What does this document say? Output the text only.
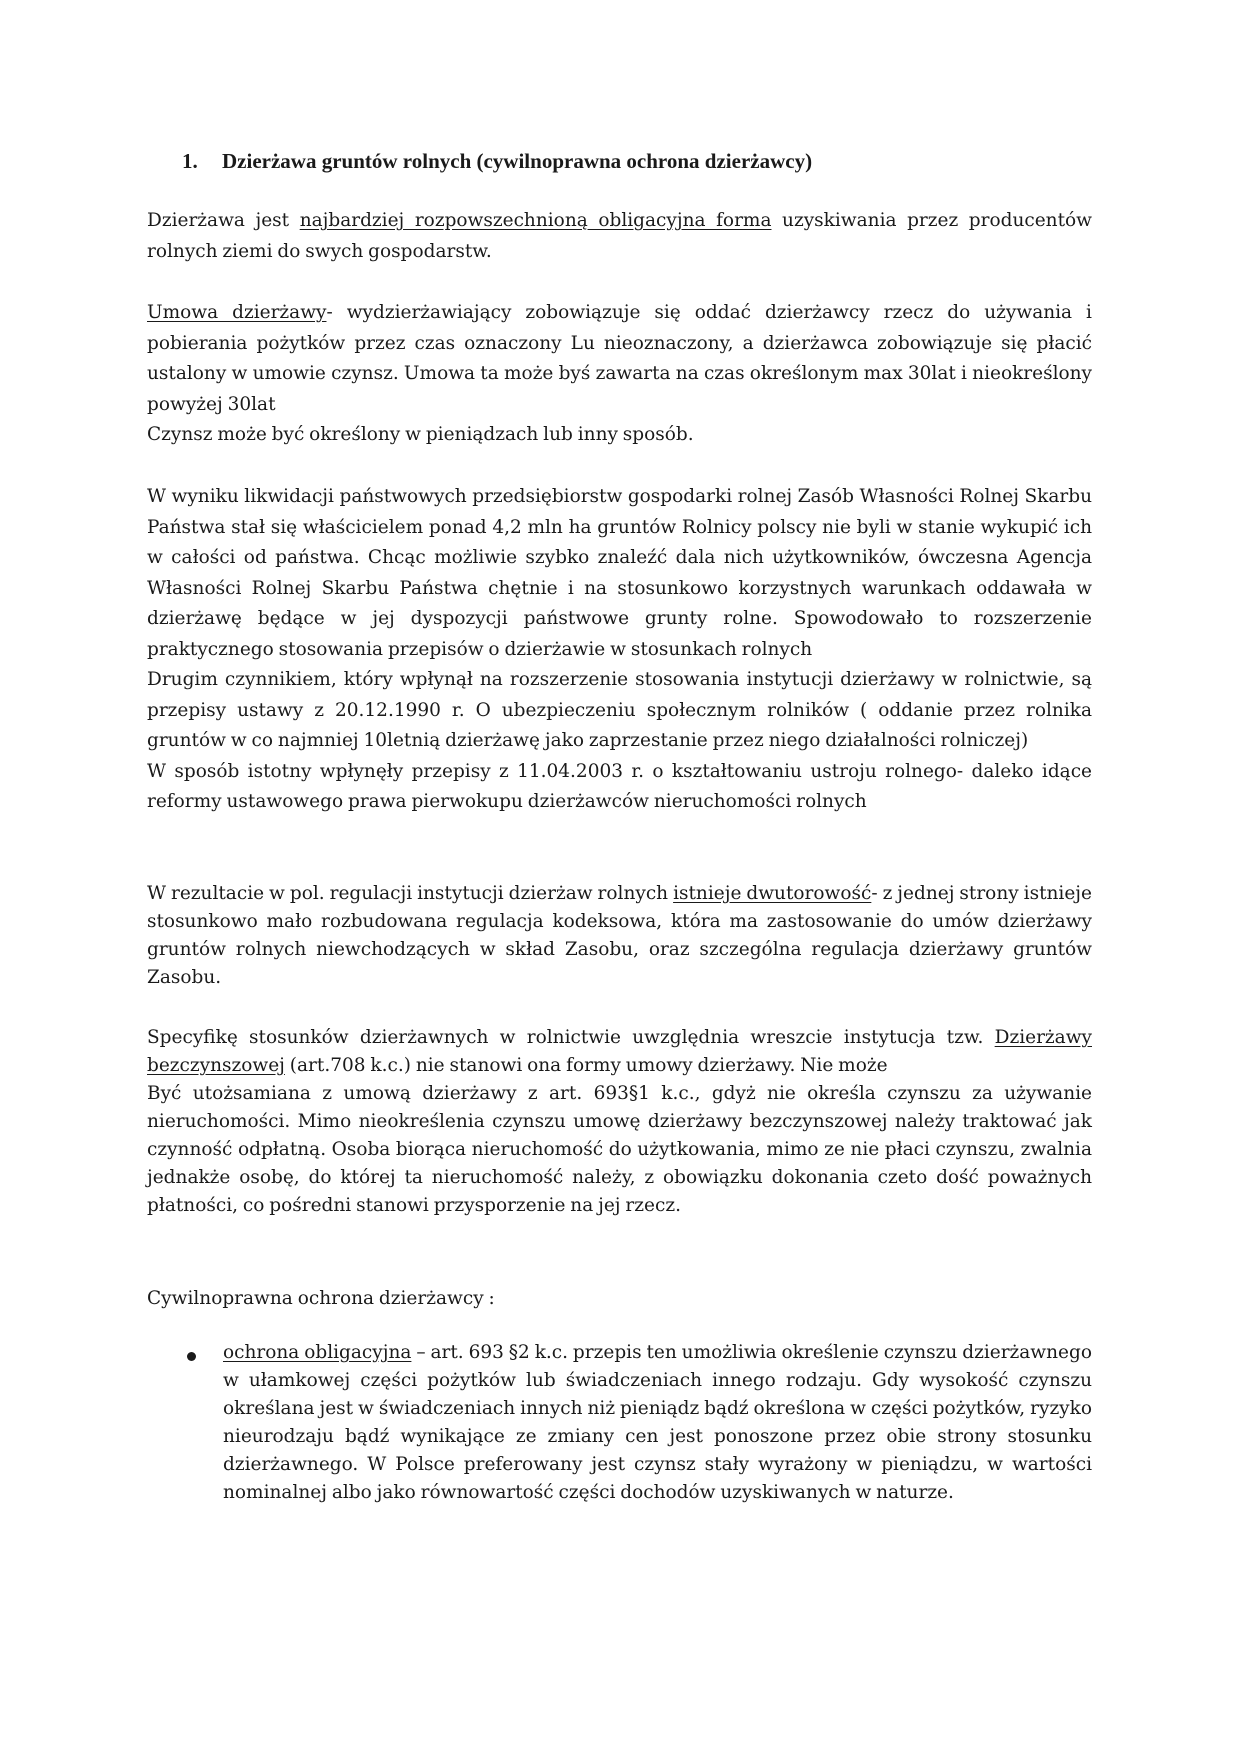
1. Dzierżawa gruntów rolnych (cywilnoprawna ochrona dzierżawcy)

Dzierżawa jest najbardziej rozpowszechnioną obligacyjna forma uzyskiwania przez producentów rolnych ziemi do swych gospodarstw.

Umowa dzierżawy- wydzierżawiający zobowiązuje się oddać dzierżawcy rzecz do używania i pobierania pożytków przez czas oznaczony Lu nieoznaczony, a dzierżawca zobowiązuje się płacić ustalony w umowie czynsz. Umowa ta może byś zawarta na czas określonym max 30lat i nieokreślony powyżej 30lat
Czynsz może być określony w pieniądzach lub inny sposób.
W wyniku likwidacji państwowych przedsiębiorstw gospodarki rolnej Zasób Własności Rolnej Skarbu Państwa stał się właścicielem ponad 4,2 mln ha gruntów Rolnicy polscy nie byli w stanie wykupić ich w całości od państwa. Chcąc możliwie szybko znaleźć dala nich użytkowników, ówczesna Agencja Własności Rolnej Skarbu Państwa chętnie i na stosunkowo korzystnych warunkach oddawała w dzierżawę będące w jej dyspozycji państwowe grunty rolne. Spowodowało to rozszerzenie praktycznego stosowania przepisów o dzierżawie w stosunkach rolnych
Drugim czynnikiem, który wpłynął na rozszerzenie stosowania instytucji dzierżawy w rolnictwie, są przepisy ustawy z 20.12.1990 r. O ubezpieczeniu społecznym rolników ( oddanie przez rolnika gruntów w co najmniej 10letnią dzierżawę jako zaprzestanie przez niego działalności rolniczej)
W sposób istotny wpłynęły przepisy z 11.04.2003 r. o kształtowaniu ustroju rolnego- daleko idące reformy ustawowego prawa pierwokupu dzierżawców nieruchomości rolnych

W rezultacie w pol. regulacji instytucji dzierżaw rolnych istnieje dwutorowość- z jednej strony istnieje stosunkowo mało rozbudowana regulacja kodeksowa, która ma zastosowanie do umów dzierżawy gruntów rolnych niewchodzących w skład Zasobu, oraz szczególna regulacja dzierżawy gruntów Zasobu.

Specyfikę stosunków dzierżawnych w rolnictwie uwzględnia wreszcie instytucja tzw. Dzierżawy bezczynszowej (art.708 k.c.) nie stanowi ona formy umowy dzierżawy. Nie może
Być utożsamiana z umową dzierżawy z art. 693§1 k.c., gdyż nie określa czynszu za używanie nieruchomości. Mimo nieokreślenia czynszu umowę dzierżawy bezczynszowej należy traktować jak czynność odpłatną. Osoba biorąca nieruchomość do użytkowania, mimo ze nie płaci czynszu, zwalnia jednakże osobę, do której ta nieruchomość należy, z obowiązku dokonania czeto dość poważnych płatności, co pośredni stanowi przysporzenie na jej rzecz.

Cywilnoprawna ochrona dzierżawcy :

ochrona obligacyjna – art. 693 §2 k.c. przepis ten umożliwia określenie czynszu dzierżawnego w ułamkowej części pożytków lub świadczeniach innego rodzaju. Gdy wysokość czynszu określana jest w świadczeniach innych niż pieniądz bądź określona w części pożytków, ryzyko nieurodzaju bądź wynikające ze zmiany cen jest ponoszone przez obie strony stosunku dzierżawnego. W Polsce preferowany jest czynsz stały wyrażony w pieniądzu, w wartości nominalnej albo jako równowartość części dochodów uzyskiwanych w naturze.
